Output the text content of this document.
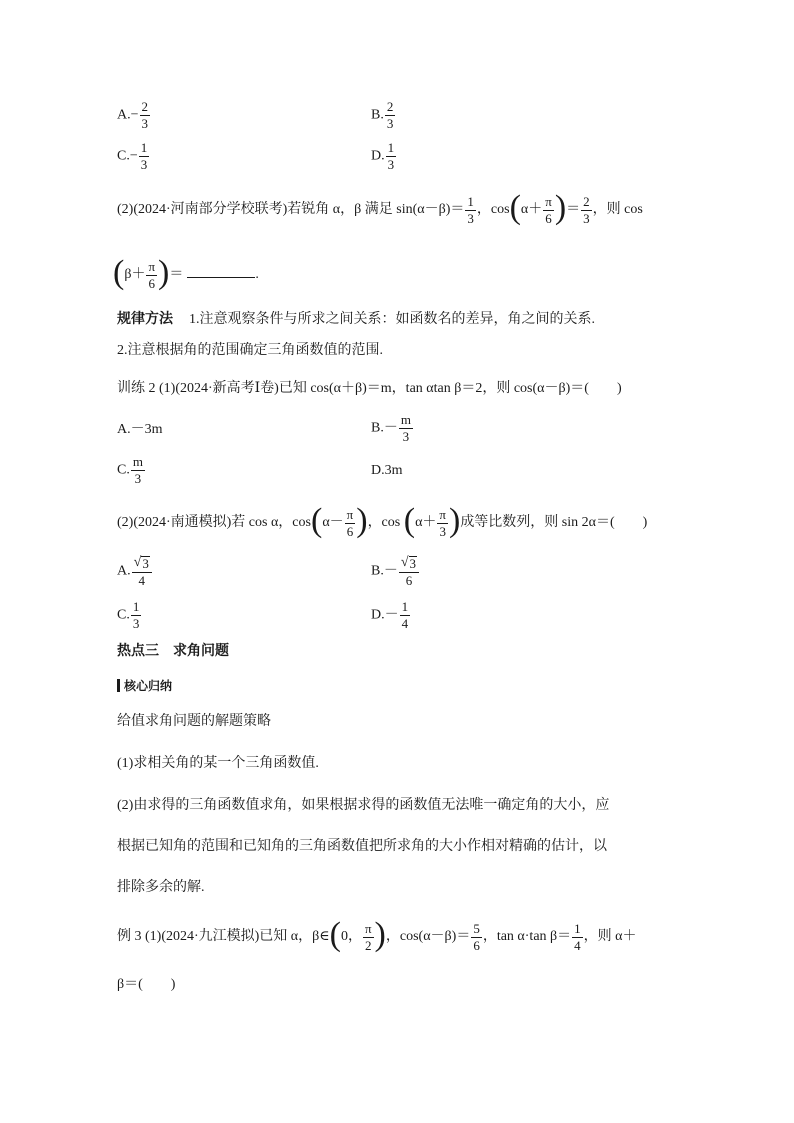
$A.- \frac{2}{3}$	B. $\frac{2}{3}$
$C.- \frac{1}{3}$	D. $\frac{1}{3}$
(2)(2024·河南部分学校联考)若锐角 α，β 满足 $\sin(\alpha-\beta)= \frac{1}{3}$ ，$\cos(\alpha+ \frac{\pi}{6}$ )＝ $\frac{2}{3}$ ，则 cos
($\beta+ \frac{\pi}{6}$ )＝	.
规律方法 1.注意观察条件与所求之间关系：如函数名的差异，角之间的关系.
2.注意根据角的范围确定三角函数值的范围.
训练 2 (1)(2024·新高考Ⅰ卷)已知 cos(α＋β)＝m，tan αtan β＝2，则 cos(α－β)＝(　　)
A.－3m	$B.- \frac{m}{3}$
C. $\frac{m}{3}$	D.3m
(2)(2024·南通模拟)若 cos α，$\cos(\alpha- \frac{\pi}{6}$ )，$\cos (\alpha+ \frac{\pi}{3}$ )成等比数列，则 sin 2α＝(　　)
A. $\frac{√ 3}{4}$	$B.- \frac{√ 3}{6}$
C. $\frac{1}{3}$	$D.- \frac{1}{4}$
热点三　求角问题
核心归纳
给值求角问题的解题策略
(1)求相关角的某一个三角函数值.
(2)由求得的三角函数值求角，如果根据求得的函数值无法唯一确定角的大小，应
根据已知角的范围和已知角的三角函数值把所求角的大小作相对精确的估计，以
排除多余的解.
例 3 (1)(2024·九江模拟)已知 α，β∈(0， $\frac{\pi}{2}$ )，$\cos(\alpha-\beta)= \frac{5}{6}$ ，tan α·tan $\beta= \frac{1}{4}$ ，则 α＋
β＝(　　)
